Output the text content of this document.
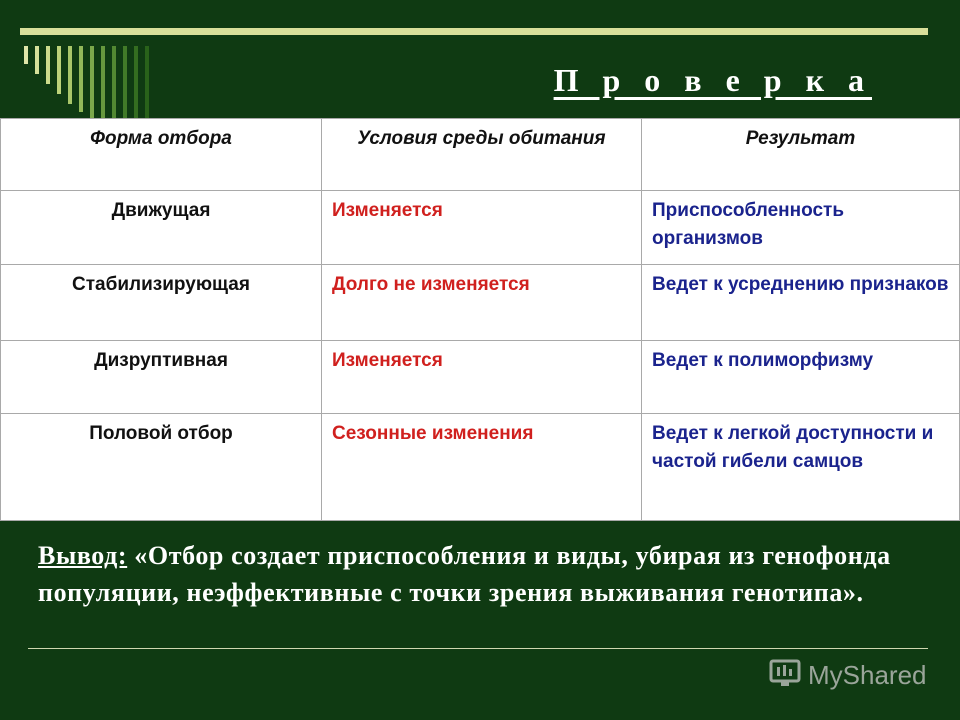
П р о в е р к а
Форма отбора	Условия среды обитания	Результат
Движущая	Изменяется	Приспособленность организмов
Стабилизирующая	Долго не изменяется	Ведет к усреднению признаков
Дизруптивная	Изменяется	Ведет к полиморфизму
Половой отбор	Сезонные изменения	Ведет к легкой доступности и частой гибели самцов
Вывод: «Отбор создает приспособления и виды, убирая из генофонда популяции, неэффективные с точки зрения выживания генотипа».
MyShared
